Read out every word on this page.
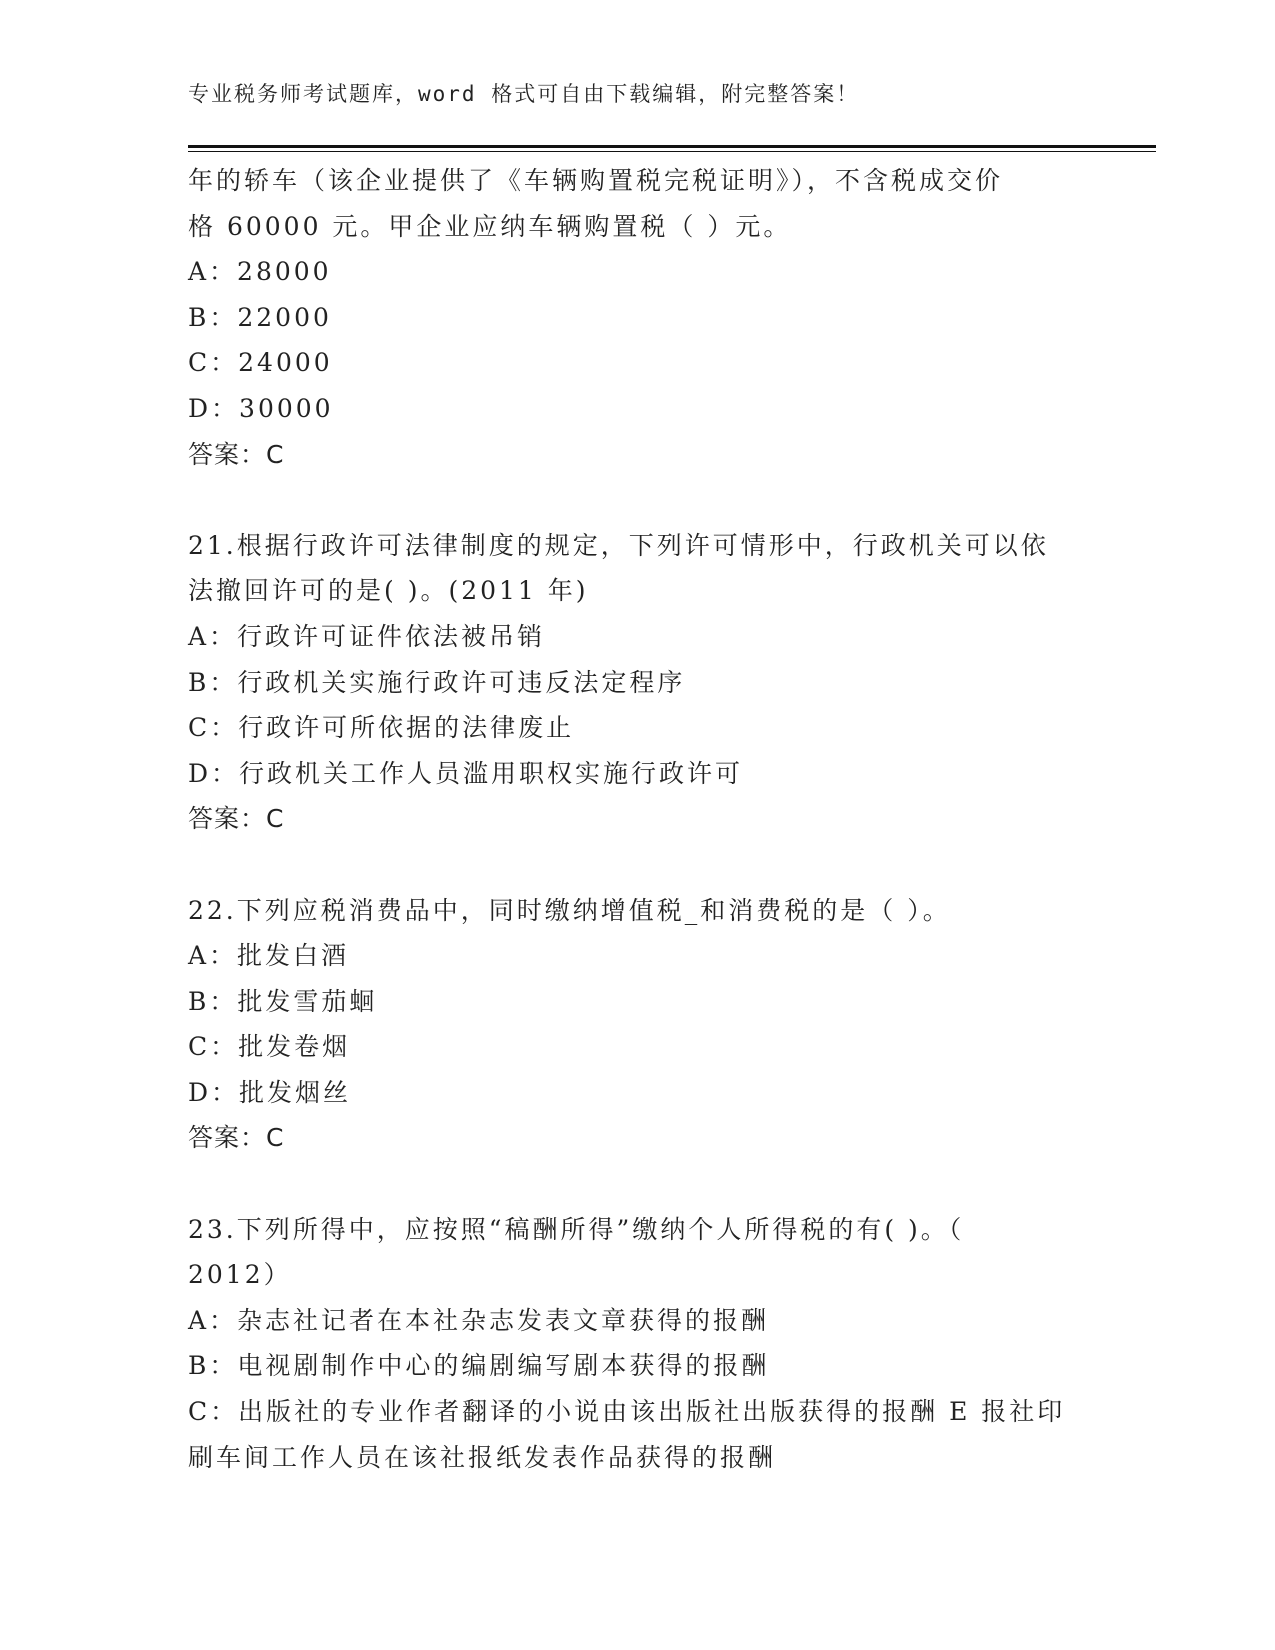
专业税务师考试题库，word 格式可自由下载编辑，附完整答案！
年的轿车（该企业提供了《车辆购置税完税证明》），不含税成交价
格 60000 元。甲企业应纳车辆购置税（ ）元。
A：28000
B：22000
C：24000
D：30000
答案：C
21.根据行政许可法律制度的规定，下列许可情形中，行政机关可以依
法撤回许可的是( )。(2011 年)
A：行政许可证件依法被吊销
B：行政机关实施行政许可违反法定程序
C：行政许可所依据的法律废止
D：行政机关工作人员滥用职权实施行政许可
答案：C
22.下列应税消费品中，同时缴纳增值税_和消费税的是（ ）。
A：批发白酒
B：批发雪茄蛔
C：批发卷烟
D：批发烟丝
答案：C
23.下列所得中，应按照“稿酬所得”缴纳个人所得税的有( )。（
2012）
A：杂志社记者在本社杂志发表文章获得的报酬
B：电视剧制作中心的编剧编写剧本获得的报酬
C：出版社的专业作者翻译的小说由该出版社出版获得的报酬 E 报社印
刷车间工作人员在该社报纸发表作品获得的报酬
